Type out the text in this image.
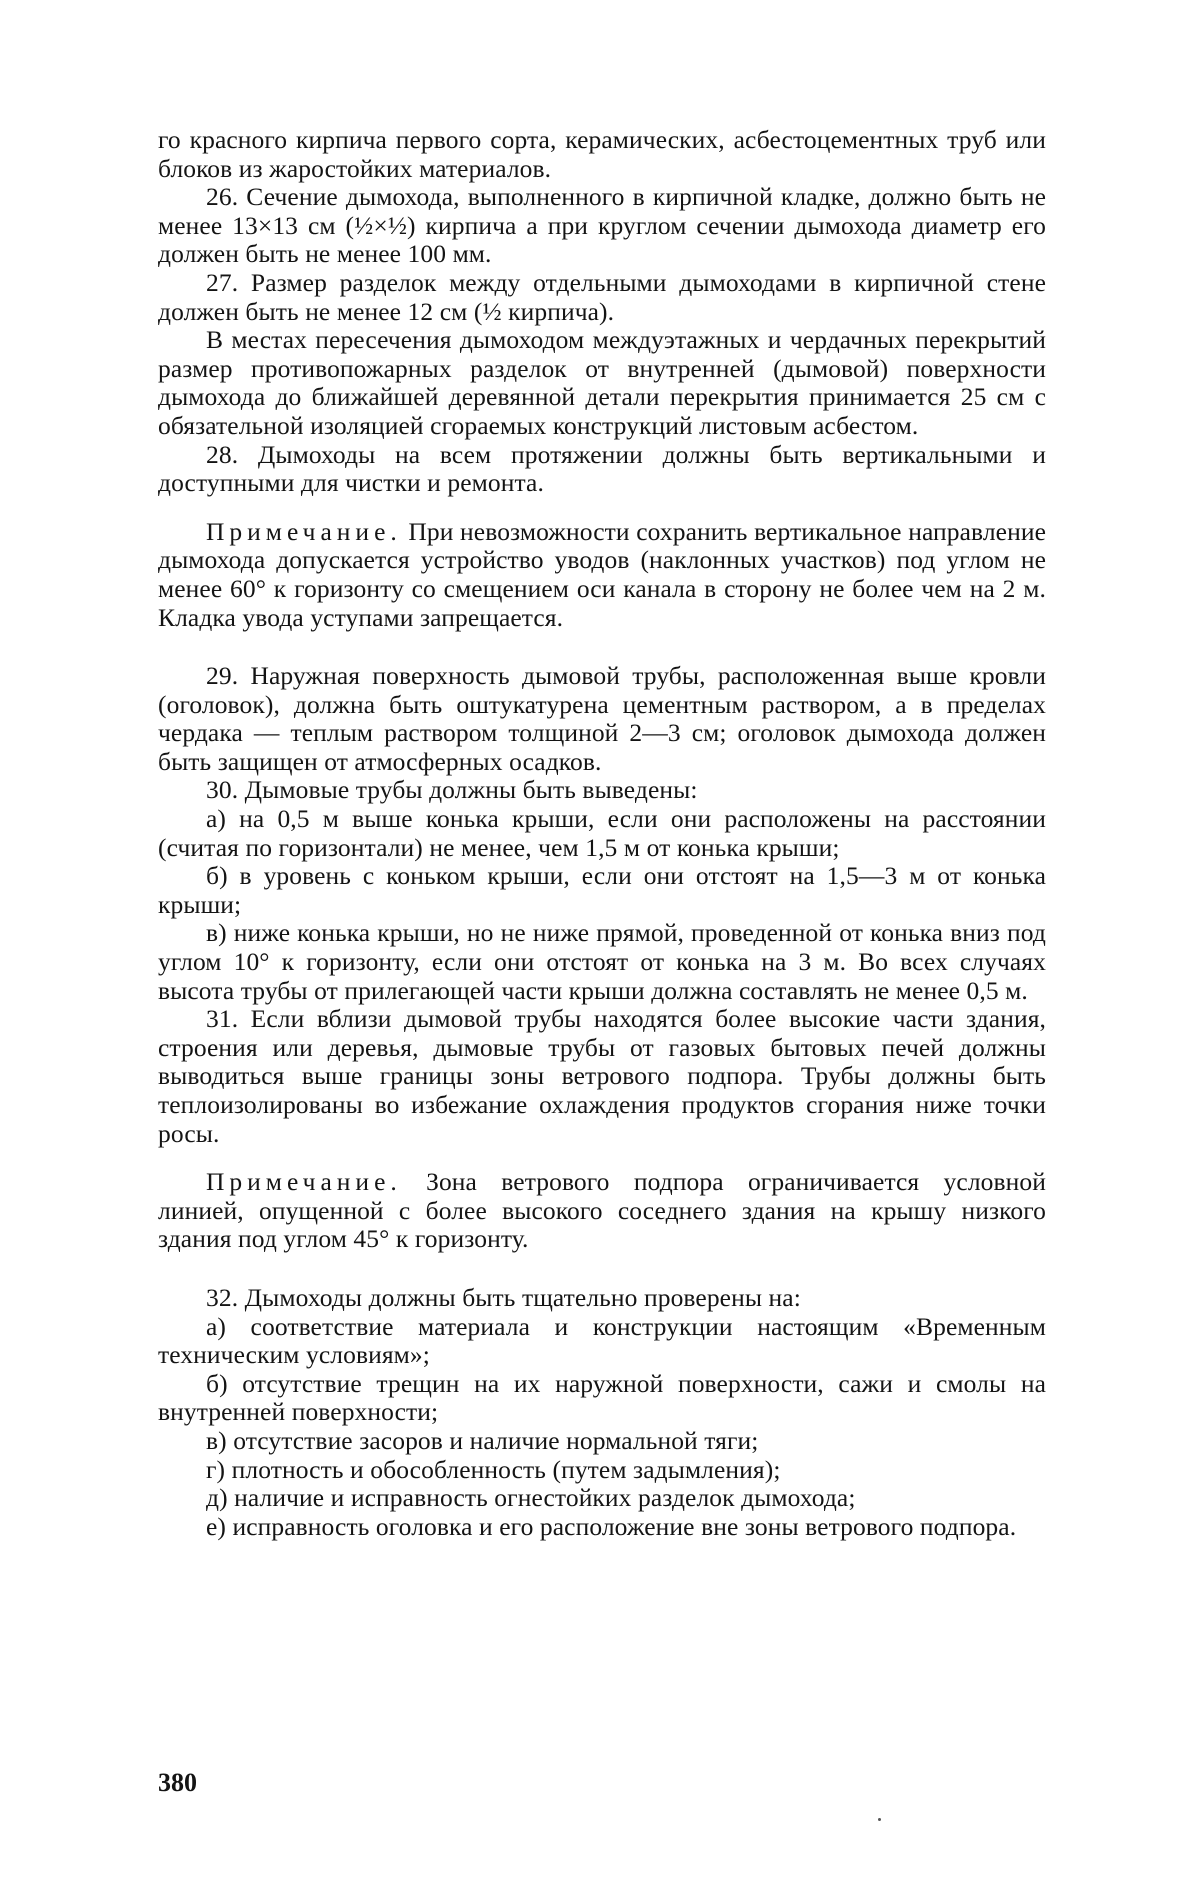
го красного кирпича первого сорта, керамических, асбестоцементных труб или блоков из жаростойких материалов.

26. Сечение дымохода, выполненного в кирпичной кладке, должно быть не менее 13×13 см (½×½) кирпича а при круглом сечении дымохода диаметр его должен быть не менее 100 мм.

27. Размер разделок между отдельными дымоходами в кирпичной стене должен быть не менее 12 см (½ кирпича).

В местах пересечения дымоходом междуэтажных и чердачных перекрытий размер противопожарных разделок от внутренней (дымовой) поверхности дымохода до ближайшей деревянной детали перекрытия принимается 25 см с обязательной изоляцией сгораемых конструкций листовым асбестом.

28. Дымоходы на всем протяжении должны быть вертикальными и доступными для чистки и ремонта.

Примечание. При невозможности сохранить вертикальное направление дымохода допускается устройство уводов (наклонных участков) под углом не менее 60° к горизонту со смещением оси канала в сторону не более чем на 2 м. Кладка увода уступами запрещается.

29. Наружная поверхность дымовой трубы, расположенная выше кровли (оголовок), должна быть оштукатурена цементным раствором, а в пределах чердака — теплым раствором толщиной 2—3 см; оголовок дымохода должен быть защищен от атмосферных осадков.

30. Дымовые трубы должны быть выведены:

а) на 0,5 м выше конька крыши, если они расположены на расстоянии (считая по горизонтали) не менее, чем 1,5 м от конька крыши;

б) в уровень с коньком крыши, если они отстоят на 1,5—3 м от конька крыши;

в) ниже конька крыши, но не ниже прямой, проведенной от конька вниз под углом 10° к горизонту, если они отстоят от конька на 3 м. Во всех случаях высота трубы от прилегающей части крыши должна составлять не менее 0,5 м.

31. Если вблизи дымовой трубы находятся более высокие части здания, строения или деревья, дымовые трубы от газовых бытовых печей должны выводиться выше границы зоны ветрового подпора. Трубы должны быть теплоизолированы во избежание охлаждения продуктов сгорания ниже точки росы.

Примечание. Зона ветрового подпора ограничивается условной линией, опущенной с более высокого соседнего здания на крышу низкого здания под углом 45° к горизонту.

32. Дымоходы должны быть тщательно проверены на:

а) соответствие материала и конструкции настоящим «Временным техническим условиям»;

б) отсутствие трещин на их наружной поверхности, сажи и смолы на внутренней поверхности;

в) отсутствие засоров и наличие нормальной тяги;

г) плотность и обособленность (путем задымления);

д) наличие и исправность огнестойких разделок дымохода;

е) исправность оголовка и его расположение вне зоны ветрового подпора.

380
